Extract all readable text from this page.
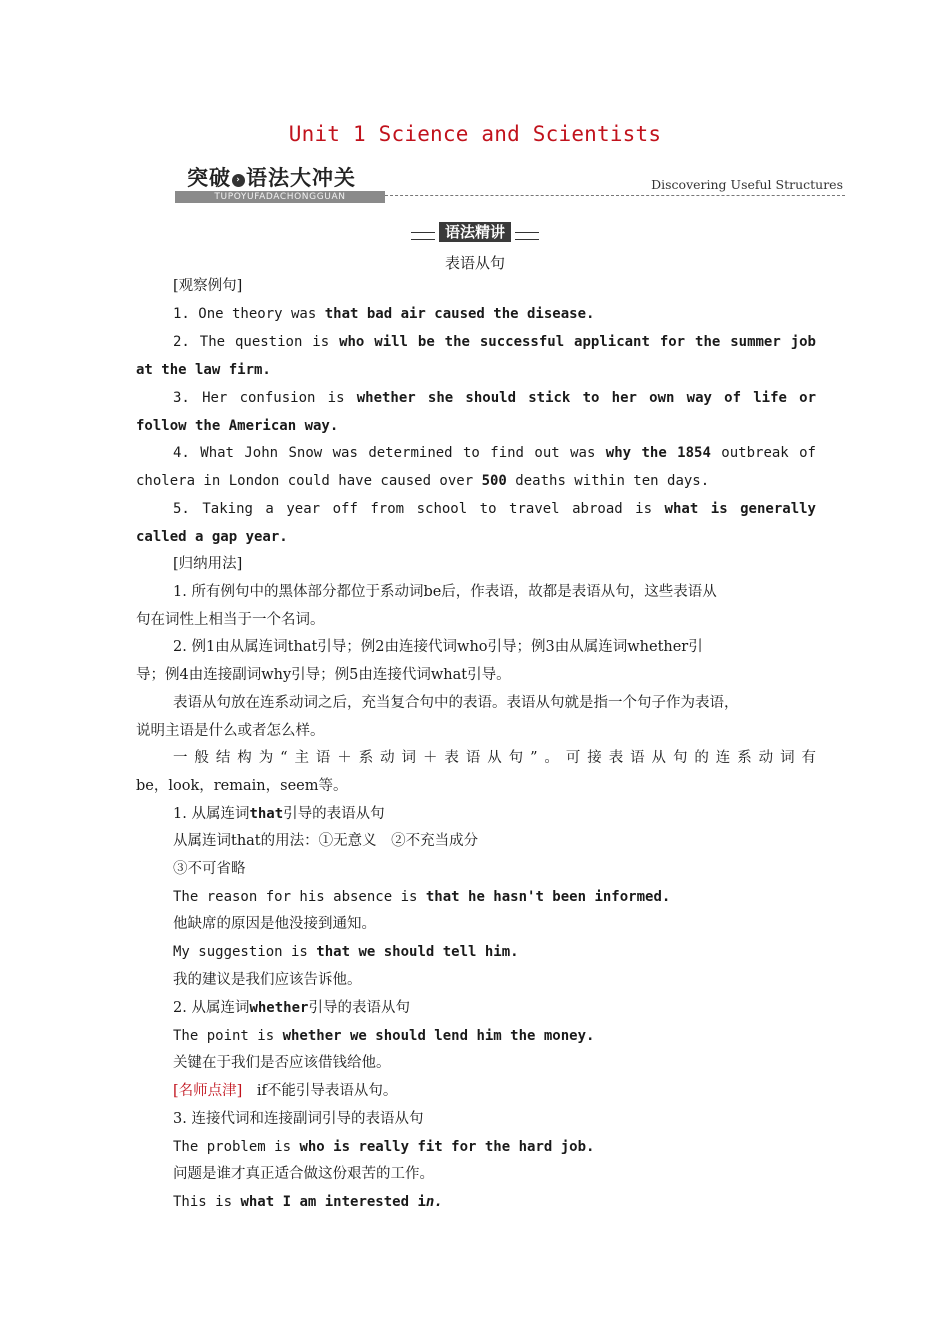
Unit 1 Science and Scientists
突破 › 语法大冲关
TUPOYUFADACHONGGUAN
Discovering Useful Structures
语法精讲
表语从句
[观察例句]
1. One theory was that bad air caused the disease.
2. The question is who will be the successful applicant for the summer job
at the law firm.
3. Her confusion is whether she should stick to her own way of life or
follow the American way.
4. What John Snow was determined to find out was why the 1854 outbreak of
cholera in London could have caused over 500 deaths within ten days.
5. Taking a year off from school to travel abroad is what is generally
called a gap year.
[归纳用法]
1. 所有例句中的黑体部分都位于系动词be后，作表语，故都是表语从句，这些表语从
句在词性上相当于一个名词。
2. 例1由从属连词that引导；例2由连接代词who引导；例3由从属连词whether引
导；例4由连接副词why引导；例5由连接代词what引导。
表语从句放在连系动词之后，充当复合句中的表语。表语从句就是指一个句子作为表语，
说明主语是什么或者怎么样。
一般结构为“主语＋系动词＋表语从句”。可接表语从句的连系动词有
be，look，remain，seem等。
1. 从属连词that引导的表语从句
从属连词that的用法：①无意义　②不充当成分
③不可省略
The reason for his absence is that he hasn't been informed.
他缺席的原因是他没接到通知。
My suggestion is that we should tell him.
我的建议是我们应该告诉他。
2. 从属连词whether引导的表语从句
The point is whether we should lend him the money.
关键在于我们是否应该借钱给他。
[名师点津]　if不能引导表语从句。
3. 连接代词和连接副词引导的表语从句
The problem is who is really fit for the hard job.
问题是谁才真正适合做这份艰苦的工作。
This is what I am interested in.
